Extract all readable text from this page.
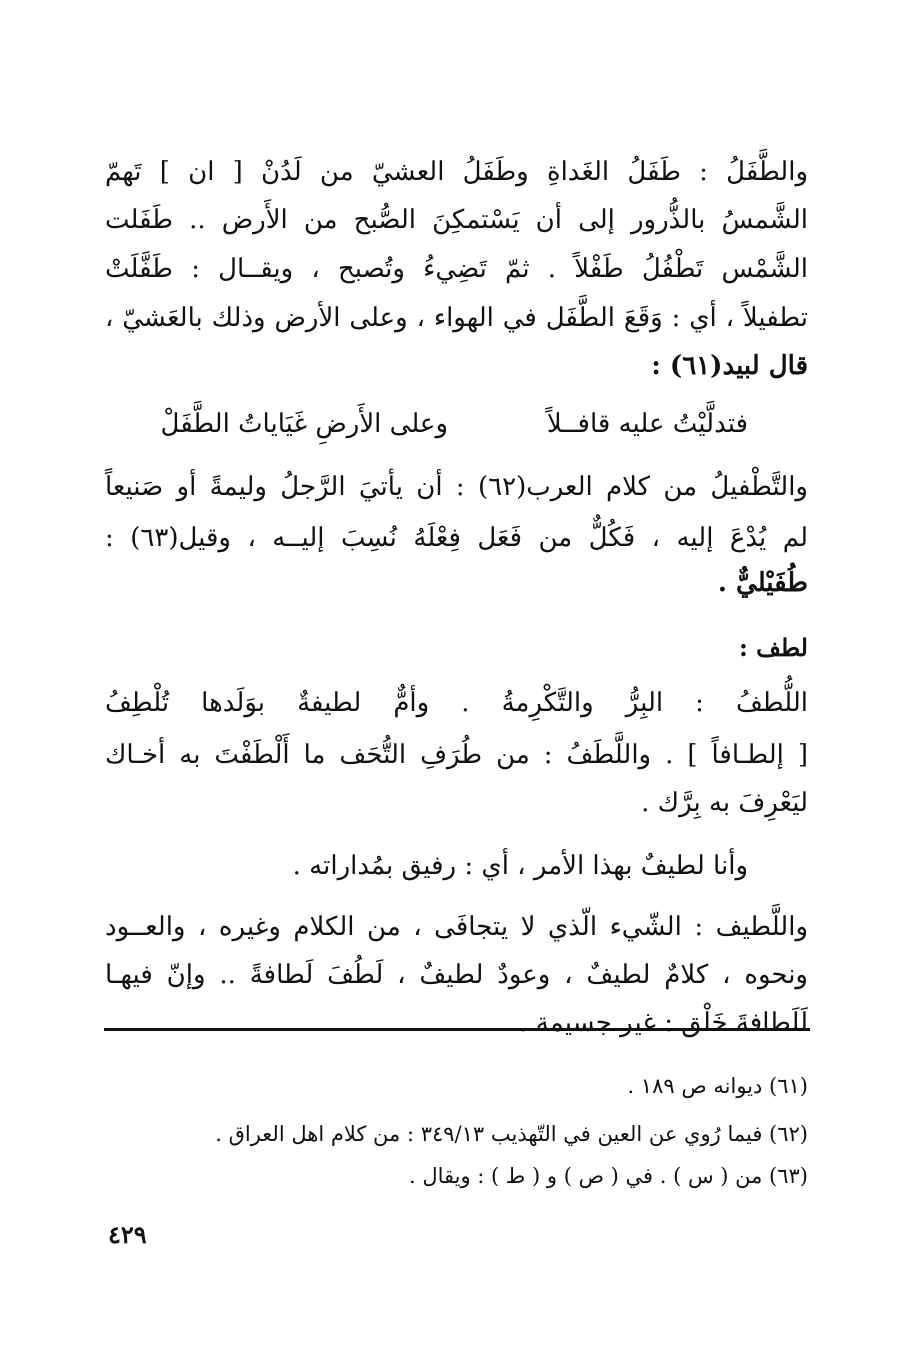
والطَّفَلُ : طَفَلُ الغَداةِ وطَفَلُ العشيّ من لَدُنْ [ ان ] تَهمّ
الشَّمسُ بالذُّرور إلى أن يَسْتمكِنَ الصُّبح من الأَرض .. طَفَلت
الشَّمْس تَطْفُلُ طَفْلاً . ثمّ تَضِيءُ وتُصبح ، ويقــال : طَفَّلَتْ
تطفيلاً ، أي : وَقَعَ الطَّفَل في الهواء ، وعلى الأرض وذلك بالعَشيّ ،
قال لبيد(٦١) :
فتدلَّيْتُ عليه قافــلاً
وعلى الأَرضِ غَيَاياتُ الطَّفَلْ
والتَّطْفيلُ من كلام العرب(٦٢) : أن يأتيَ الرَّجلُ وليمةً أو صَنيعاً
لم يُدْعَ إليه ، فَكُلٌّ من فَعَل فِعْلَهُ نُسِبَ إليــه ، وقيل(٦٣) :
طُفَيْليٌّ .
لطف :
اللُّطفُ : البِرُّ والتَّكْرِمةُ . وأمٌّ لطيفةٌ بوَلَدها تُلْطِفُ
[ إلطـافاً ] . واللَّطَفُ : من طُرَفِ التُّحَف ما أَلْطَفْتَ به أخـاك
ليَعْرِفَ به بِرَّك .
وأنا لطيفٌ بهذا الأمر ، أي : رفيق بمُداراته .
واللَّطيف : الشّيء الّذي لا يتجافَى ، من الكلام وغيره ، والعــود
ونحوه ، كلامٌ لطيفٌ ، وعودٌ لطيفٌ ، لَطُفَ لَطافةً .. وإنّ فيهـا
لَلَطافةَ خَلْق : غير جسيمة .
(٦١) ديوانه ص ١٨٩ .
(٦٢) فيما رُوي عن العين في التّهذيب ٣٤٩/١٣ : من كلام اهل العراق .
(٦٣) من ( س ) . في ( ص ) و ( ط ) : ويقال .
٤٢٩
